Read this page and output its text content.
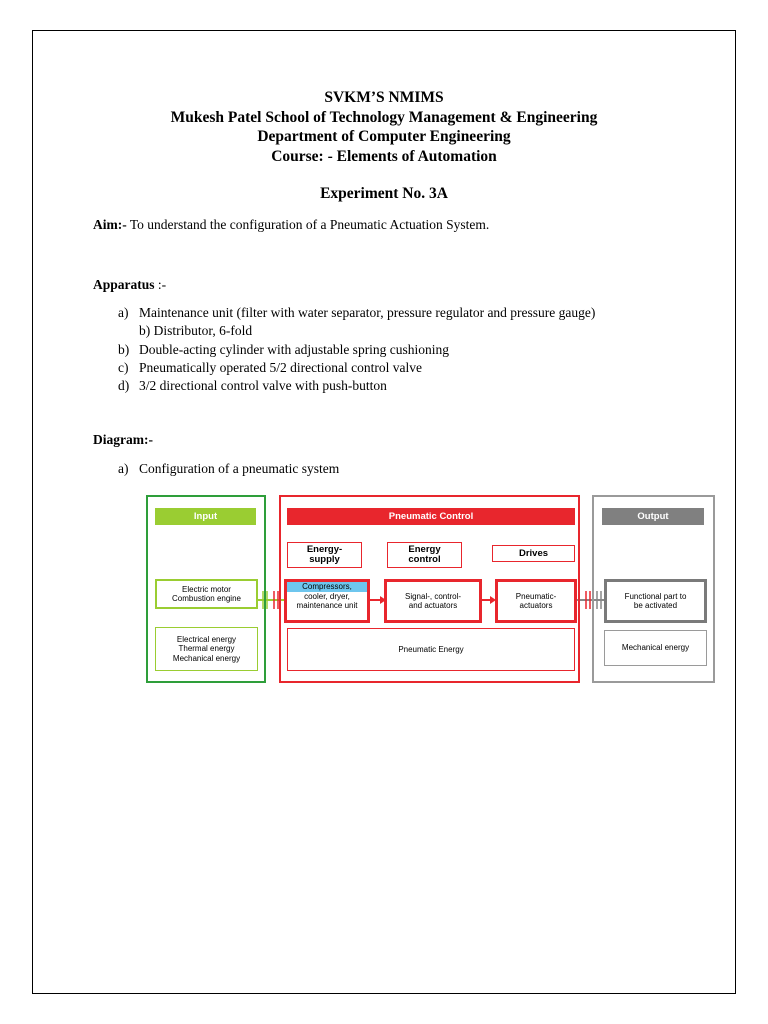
SVKM’S NMIMS
Mukesh Patel School of Technology Management & Engineering
Department of Computer Engineering
Course: - Elements of Automation
Experiment No. 3A
Aim:- To understand the configuration of a Pneumatic Actuation System.
Apparatus :-
a) Maintenance unit (filter with water separator, pressure regulator and pressure gauge)
b) Distributor, 6-fold
b) Double-acting cylinder with adjustable spring cushioning
c) Pneumatically operated 5/2 directional control valve
d) 3/2 directional control valve with push-button
Diagram:-
a) Configuration of a pneumatic system
Input
Electric motor
Combustion engine
Electrical energy
Thermal energy
Mechanical energy
Pneumatic Control
Energy-
supply
Energy
control
Drives
Compressors,
cooler, dryer,
maintenance unit
Signal-, control-
and actuators
Pneumatic-
actuators
Pneumatic Energy
Output
Functional part to
be activated
Mechanical energy
